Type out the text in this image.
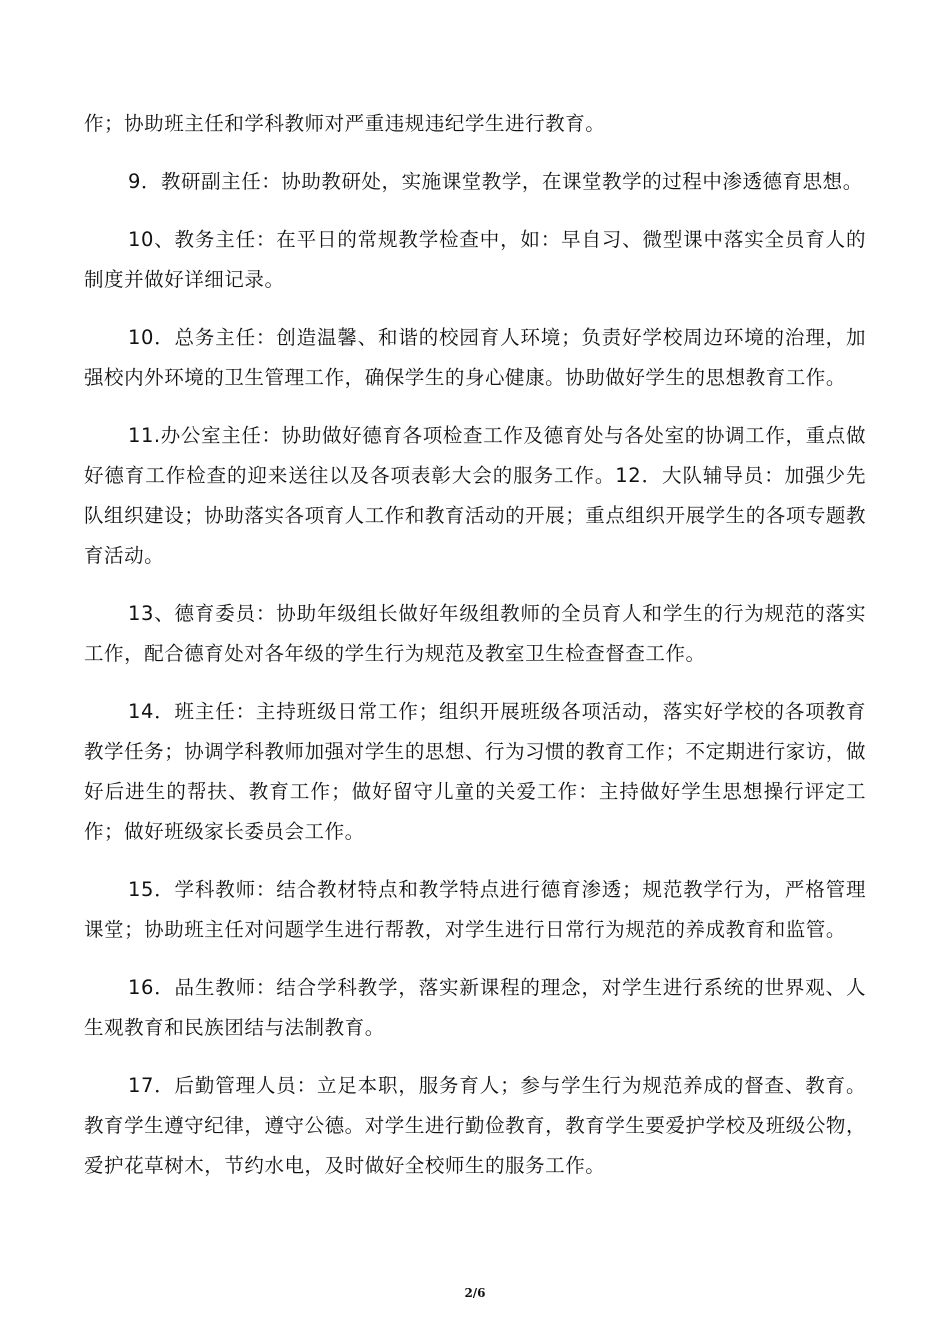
作；协助班主任和学科教师对严重违规违纪学生进行教育。

9．教研副主任：协助教研处，实施课堂教学，在课堂教学的过程中渗透德育思想。

10、教务主任：在平日的常规教学检查中，如：早自习、微型课中落实全员育人的制度并做好详细记录。

10．总务主任：创造温馨、和谐的校园育人环境；负责好学校周边环境的治理，加强校内外环境的卫生管理工作，确保学生的身心健康。协助做好学生的思想教育工作。

11.办公室主任：协助做好德育各项检查工作及德育处与各处室的协调工作，重点做好德育工作检查的迎来送往以及各项表彰大会的服务工作。12．大队辅导员：加强少先队组织建设；协助落实各项育人工作和教育活动的开展；重点组织开展学生的各项专题教育活动。

13、德育委员：协助年级组长做好年级组教师的全员育人和学生的行为规范的落实工作，配合德育处对各年级的学生行为规范及教室卫生检查督查工作。

14．班主任：主持班级日常工作；组织开展班级各项活动，落实好学校的各项教育教学任务；协调学科教师加强对学生的思想、行为习惯的教育工作；不定期进行家访，做好后进生的帮扶、教育工作；做好留守儿童的关爱工作：主持做好学生思想操行评定工作；做好班级家长委员会工作。

15．学科教师：结合教材特点和教学特点进行德育渗透；规范教学行为，严格管理课堂；协助班主任对问题学生进行帮教，对学生进行日常行为规范的养成教育和监管。

16．品生教师：结合学科教学，落实新课程的理念，对学生进行系统的世界观、人生观教育和民族团结与法制教育。

17．后勤管理人员：立足本职，服务育人；参与学生行为规范养成的督查、教育。教育学生遵守纪律，遵守公德。对学生进行勤俭教育，教育学生要爱护学校及班级公物，爱护花草树木，节约水电，及时做好全校师生的服务工作。

2/6
